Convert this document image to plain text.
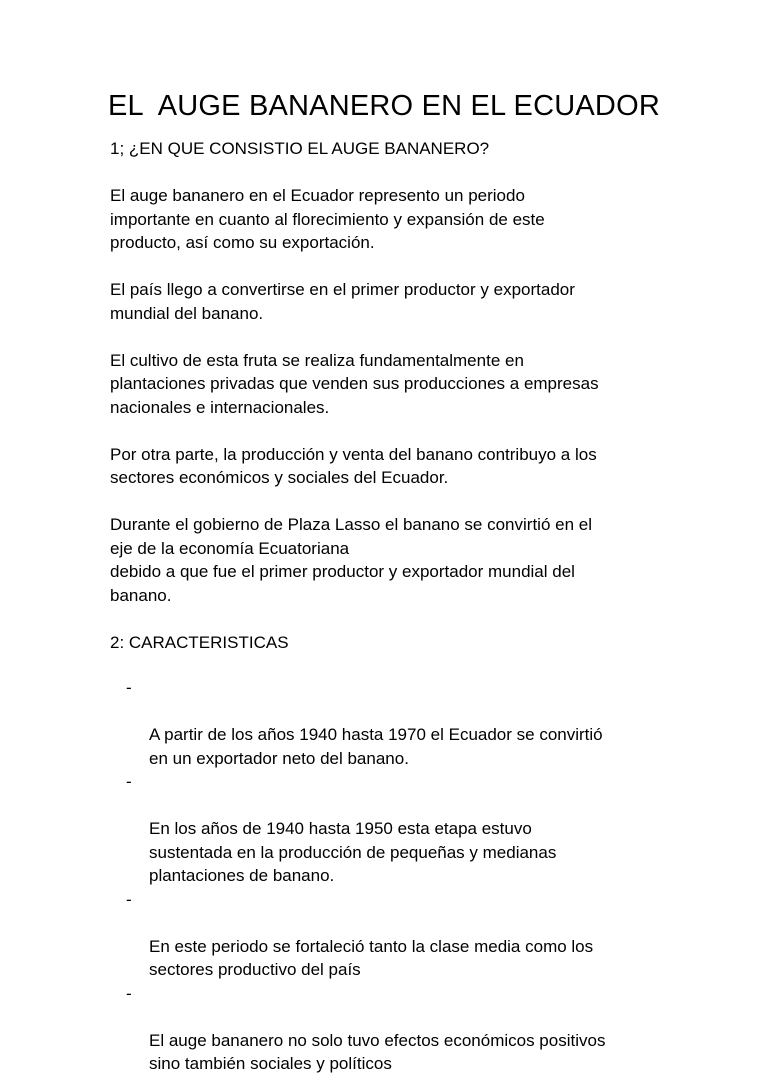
EL  AUGE BANANERO EN EL ECUADOR

1; ¿EN QUE CONSISTIO EL AUGE BANANERO?

El auge bananero en el Ecuador represento un periodo
importante en cuanto al florecimiento y expansión de este
producto, así como su exportación.

El país llego a convertirse en el primer productor y exportador
mundial del banano.

El cultivo de esta fruta se realiza fundamentalmente en
plantaciones privadas que venden sus producciones a empresas
nacionales e internacionales.

Por otra parte, la producción y venta del banano contribuyo a los
sectores económicos y sociales del Ecuador.

Durante el gobierno de Plaza Lasso el banano se convirtió en el
eje de la economía Ecuatoriana
debido a que fue el primer productor y exportador mundial del
banano.

2: CARACTERISTICAS

-

A partir de los años 1940 hasta 1970 el Ecuador se convirtió
en un exportador neto del banano.

-

En los años de 1940 hasta 1950 esta etapa estuvo
sustentada en la producción de pequeñas y medianas
plantaciones de banano.

-

En este periodo se fortaleció tanto la clase media como los
sectores productivo del país

-

El auge bananero no solo tuvo efectos económicos positivos
sino también sociales y políticos
